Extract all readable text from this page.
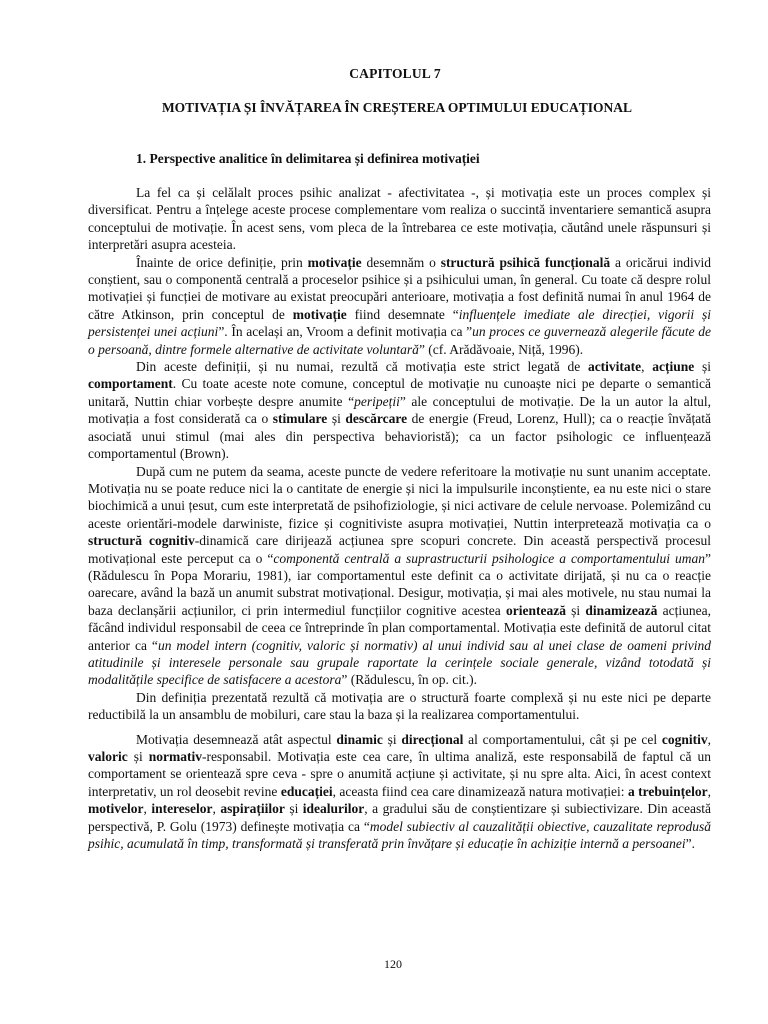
CAPITOLUL 7
MOTIVAȚIA ȘI ÎNVĂȚAREA ÎN CREȘTEREA OPTIMULUI EDUCAȚIONAL
1. Perspective analitice în delimitarea și definirea motivației

La fel ca și celălalt proces psihic analizat - afectivitatea -, și motivația este un proces complex și diversificat. Pentru a înțelege aceste procese complementare vom realiza o succintă inventariere semantică asupra conceptului de motivație. În acest sens, vom pleca de la întrebarea ce este motivația, căutând unele răspunsuri și interpretări asupra acesteia.

Înainte de orice definiție, prin motivație desemnăm o structură psihică funcțională a oricărui individ conștient, sau o componentă centrală a proceselor psihice și a psihicului uman, în general. Cu toate că despre rolul motivației și funcției de motivare au existat preocupări anterioare, motivația a fost definită numai în anul 1964 de către Atkinson, prin conceptul de motivație fiind desemnate “influențele imediate ale direcției, vigorii și persistenței unei acțiuni”. În același an, Vroom a definit motivația ca ”un proces ce guvernează alegerile făcute de o persoană, dintre formele alternative de activitate voluntară” (cf. Arădăvoaie, Niță, 1996).

Din aceste definiții, și nu numai, rezultă că motivația este strict legată de activitate, acțiune și comportament. Cu toate aceste note comune, conceptul de motivație nu cunoaște nici pe departe o semantică unitară, Nuttin chiar vorbește despre anumite “peripeții” ale conceptului de motivație. De la un autor la altul, motivația a fost considerată ca o stimulare și descărcare de energie (Freud, Lorenz, Hull); ca o reacție învățată asociată unui stimul (mai ales din perspectiva behavioristă); ca un factor psihologic ce influențează comportamentul (Brown).

După cum ne putem da seama, aceste puncte de vedere referitoare la motivație nu sunt unanim acceptate. Motivația nu se poate reduce nici la o cantitate de energie și nici la impulsurile inconștiente, ea nu este nici o stare biochimică a unui țesut, cum este interpretată de psihofiziologie, și nici activare de celule nervoase. Polemizând cu aceste orientări-modele darwiniste, fizice și cognitiviste asupra motivației, Nuttin interpretează motivația ca o structură cognitiv-dinamică care dirijează acțiunea spre scopuri concrete. Din această perspectivă procesul motivațional este perceput ca o “componentă centrală a suprastructurii psihologice a comportamentului uman” (Rădulescu în Popa Morariu, 1981), iar comportamentul este definit ca o activitate dirijată, și nu ca o reacție oarecare, având la bază un anumit substrat motivațional. Desigur, motivația, și mai ales motivele, nu stau numai la baza declanșării acțiunilor, ci prin intermediul funcțiilor cognitive acestea orientează și dinamizează acțiunea, făcând individul responsabil de ceea ce întreprinde în plan comportamental. Motivația este definită de autorul citat anterior ca “un model intern (cognitiv, valoric și normativ) al unui individ sau al unei clase de oameni privind atitudinile și interesele personale sau grupale raportate la cerințele sociale generale, vizând totodată și modalitățile specifice de satisfacere a acestora” (Rădulescu, în op. cit.).

Din definiția prezentată rezultă că motivația are o structură foarte complexă și nu este nici pe departe reductibilă la un ansamblu de mobiluri, care stau la baza și la realizarea comportamentului.

Motivația desemnează atât aspectul dinamic și direcțional al comportamentului, cât și pe cel cognitiv, valoric și normativ-responsabil. Motivația este cea care, în ultima analiză, este responsabilă de faptul că un comportament se orientează spre ceva - spre o anumită acțiune și activitate, și nu spre alta. Aici, în acest context interpretativ, un rol deosebit revine educației, aceasta fiind cea care dinamizează natura motivației: a trebuințelor, motivelor, intereselor, aspirațiilor și idealurilor, a gradului său de conștientizare și subiectivizare. Din această perspectivă, P. Golu (1973) definește motivația ca “model subiectiv al cauzalității obiective, cauzalitate reprodusă psihic, acumulată în timp, transformată și transferată prin învățare și educație în achiziție internă a persoanei”.

120
